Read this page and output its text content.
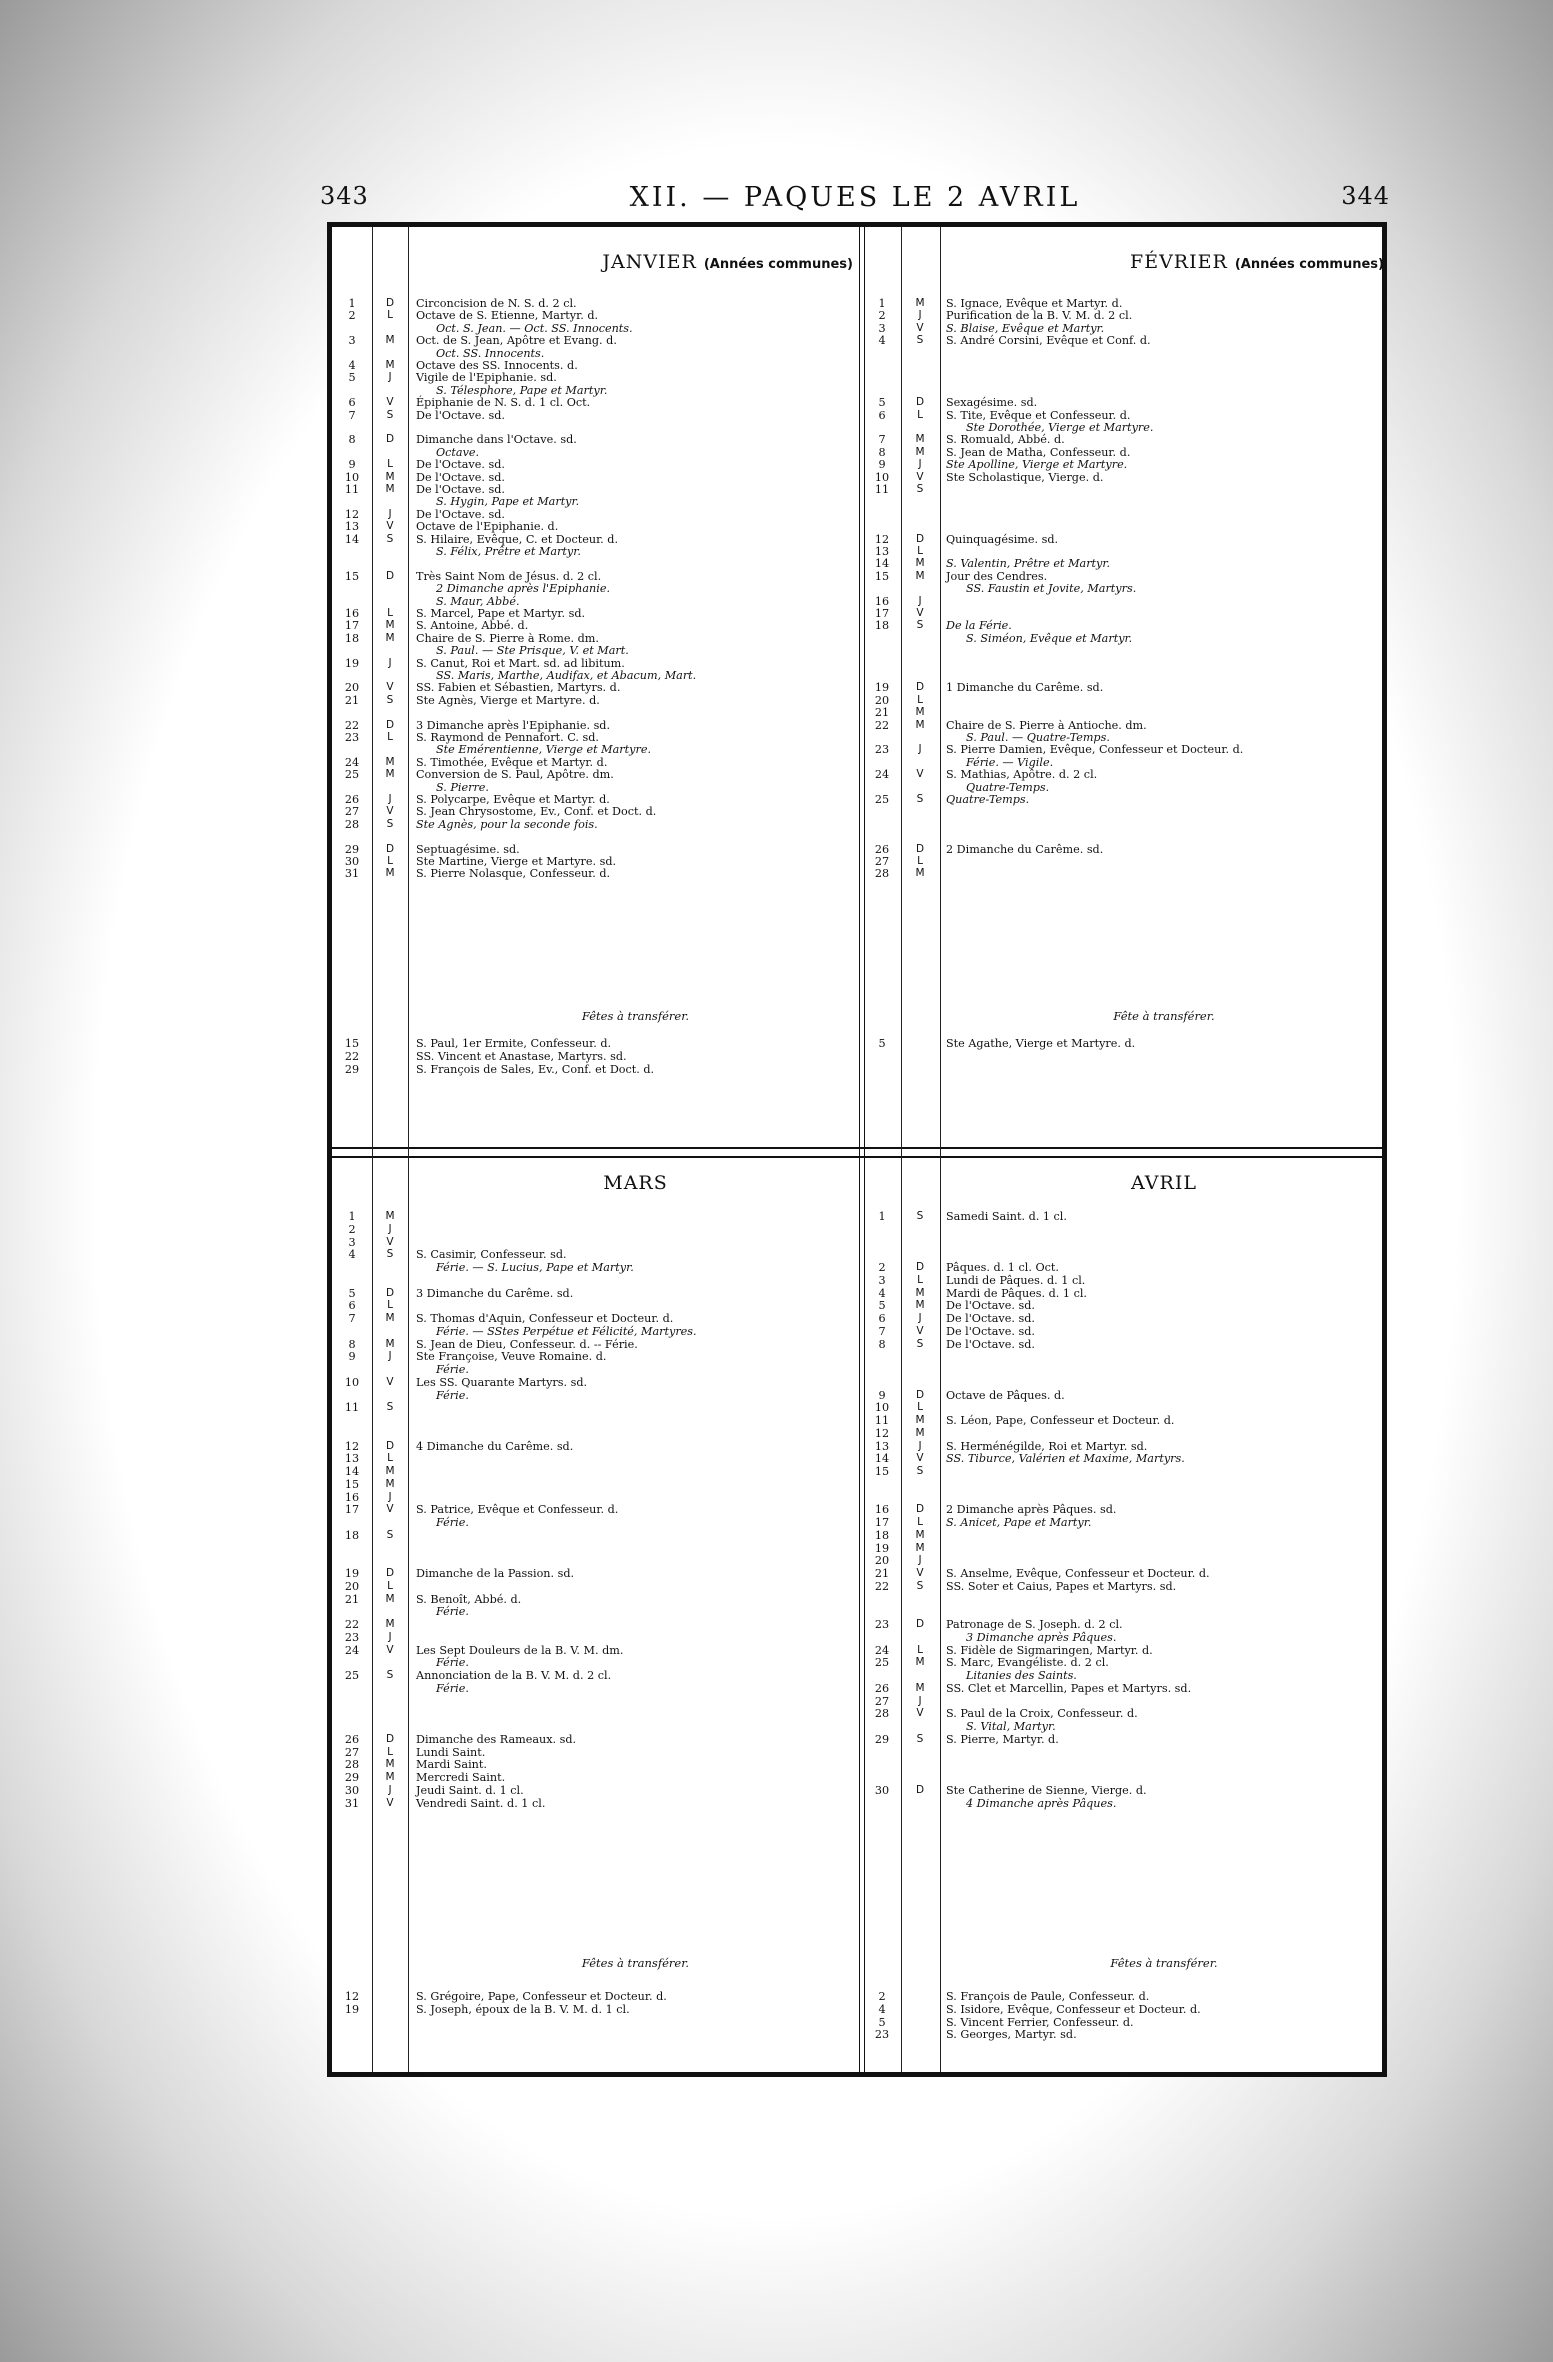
343	XII. — PAQUES LE 2 AVRIL	344
JANVIER (Années communes)	FÉVRIER (Années communes)
1	D	Circoncision de N. S. d. 2 cl.
2	L	Octave de S. Etienne, Martyr. d.
Oct. S. Jean. — Oct. SS. Innocents.
3	M	Oct. de S. Jean, Apôtre et Evang. d.
Oct. SS. Innocents.
4	M	Octave des SS. Innocents. d.
5	J	Vigile de l'Epiphanie. sd.
S. Télesphore, Pape et Martyr.
6	V	Épiphanie de N. S. d. 1 cl. Oct.
7	S	De l'Octave. sd.
8	D	Dimanche dans l'Octave. sd.
Octave.
9	L	De l'Octave. sd.
10	M	De l'Octave. sd.
11	M	De l'Octave. sd.
S. Hygin, Pape et Martyr.
12	J	De l'Octave. sd.
13	V	Octave de l'Epiphanie. d.
14	S	S. Hilaire, Evêque, C. et Docteur. d.
S. Félix, Prêtre et Martyr.
15	D	Très Saint Nom de Jésus. d. 2 cl.
2 Dimanche après l'Epiphanie.
S. Maur, Abbé.
16	L	S. Marcel, Pape et Martyr. sd.
17	M	S. Antoine, Abbé. d.
18	M	Chaire de S. Pierre à Rome. dm.
S. Paul. — Ste Prisque, V. et Mart.
19	J	S. Canut, Roi et Mart. sd. ad libitum.
SS. Maris, Marthe, Audifax, et Abacum, Mart.
20	V	SS. Fabien et Sébastien, Martyrs. d.
21	S	Ste Agnès, Vierge et Martyre. d.
22	D	3 Dimanche après l'Epiphanie. sd.
23	L	S. Raymond de Pennafort. C. sd.
Ste Emérentienne, Vierge et Martyre.
24	M	S. Timothée, Evêque et Martyr. d.
25	M	Conversion de S. Paul, Apôtre. dm.
S. Pierre.
26	J	S. Polycarpe, Evêque et Martyr. d.
27	V	S. Jean Chrysostome, Ev., Conf. et Doct. d.
28	S	Ste Agnès, pour la seconde fois.
29	D	Septuagésime. sd.
30	L	Ste Martine, Vierge et Martyre. sd.
31	M	S. Pierre Nolasque, Confesseur. d.
1	M	S. Ignace, Evêque et Martyr. d.
2	J	Purification de la B. V. M. d. 2 cl.
3	V	S. Blaise, Evêque et Martyr.
4	S	S. André Corsini, Evêque et Conf. d.
5	D	Sexagésime. sd.
6	L	S. Tite, Evêque et Confesseur. d.
Ste Dorothée, Vierge et Martyre.
7	M	S. Romuald, Abbé. d.
8	M	S. Jean de Matha, Confesseur. d.
9	J	Ste Apolline, Vierge et Martyre.
10	V	Ste Scholastique, Vierge. d.
11	S
12	D	Quinquagésime. sd.
13	L
14	M	S. Valentin, Prêtre et Martyr.
15	M	Jour des Cendres.
SS. Faustin et Jovite, Martyrs.
16	J
17	V
18	S	De la Férie.
S. Siméon, Evêque et Martyr.
19	D	1 Dimanche du Carême. sd.
20	L
21	M
22	M	Chaire de S. Pierre à Antioche. dm.
S. Paul. — Quatre-Temps.
23	J	S. Pierre Damien, Evêque, Confesseur et Docteur. d.
Férie. — Vigile.
24	V	S. Mathias, Apôtre. d. 2 cl.
Quatre-Temps.
25	S	Quatre-Temps.
26	D	2 Dimanche du Carême. sd.
27	L
28	M
Fêtes à transférer.	Fête à transférer.
15	S. Paul, 1er Ermite, Confesseur. d.
22	SS. Vincent et Anastase, Martyrs. sd.
29	S. François de Sales, Ev., Conf. et Doct. d.
5	Ste Agathe, Vierge et Martyre. d.
MARS	AVRIL
1	M
2	J
3	V
4	S	S. Casimir, Confesseur. sd.
Férie. — S. Lucius, Pape et Martyr.
5	D	3 Dimanche du Carême. sd.
6	L
7	M	S. Thomas d'Aquin, Confesseur et Docteur. d.
Férie. — SStes Perpétue et Félicité, Martyres.
8	M	S. Jean de Dieu, Confesseur. d. -- Férie.
9	J	Ste Françoise, Veuve Romaine. d.
Férie.
10	V	Les SS. Quarante Martyrs. sd.
Férie.
11	S
12	D	4 Dimanche du Carême. sd.
13	L
14	M
15	M
16	J
17	V	S. Patrice, Evêque et Confesseur. d.
Férie.
18	S
19	D	Dimanche de la Passion. sd.
20	L
21	M	S. Benoît, Abbé. d.
Férie.
22	M
23	J
24	V	Les Sept Douleurs de la B. V. M. dm.
Férie.
25	S	Annonciation de la B. V. M. d. 2 cl.
Férie.
26	D	Dimanche des Rameaux. sd.
27	L	Lundi Saint.
28	M	Mardi Saint.
29	M	Mercredi Saint.
30	J	Jeudi Saint. d. 1 cl.
31	V	Vendredi Saint. d. 1 cl.
1	S	Samedi Saint. d. 1 cl.
2	D	Pâques. d. 1 cl. Oct.
3	L	Lundi de Pâques. d. 1 cl.
4	M	Mardi de Pâques. d. 1 cl.
5	M	De l'Octave. sd.
6	J	De l'Octave. sd.
7	V	De l'Octave. sd.
8	S	De l'Octave. sd.
9	D	Octave de Pâques. d.
10	L
11	M	S. Léon, Pape, Confesseur et Docteur. d.
12	M
13	J	S. Herménégilde, Roi et Martyr. sd.
14	V	SS. Tiburce, Valérien et Maxime, Martyrs.
15	S
16	D	2 Dimanche après Pâques. sd.
17	L	S. Anicet, Pape et Martyr.
18	M
19	M
20	J
21	V	S. Anselme, Evêque, Confesseur et Docteur. d.
22	S	SS. Soter et Caius, Papes et Martyrs. sd.
23	D	Patronage de S. Joseph. d. 2 cl.
3 Dimanche après Pâques.
24	L	S. Fidèle de Sigmaringen, Martyr. d.
25	M	S. Marc, Evangéliste. d. 2 cl.
Litanies des Saints.
26	M	SS. Clet et Marcellin, Papes et Martyrs. sd.
27	J
28	V	S. Paul de la Croix, Confesseur. d.
S. Vital, Martyr.
29	S	S. Pierre, Martyr. d.
30	D	Ste Catherine de Sienne, Vierge. d.
4 Dimanche après Pâques.
Fêtes à transférer.	Fêtes à transférer.
12	S. Grégoire, Pape, Confesseur et Docteur. d.
19	S. Joseph, époux de la B. V. M. d. 1 cl.
2	S. François de Paule, Confesseur. d.
4	S. Isidore, Evêque, Confesseur et Docteur. d.
5	S. Vincent Ferrier, Confesseur. d.
23	S. Georges, Martyr. sd.
